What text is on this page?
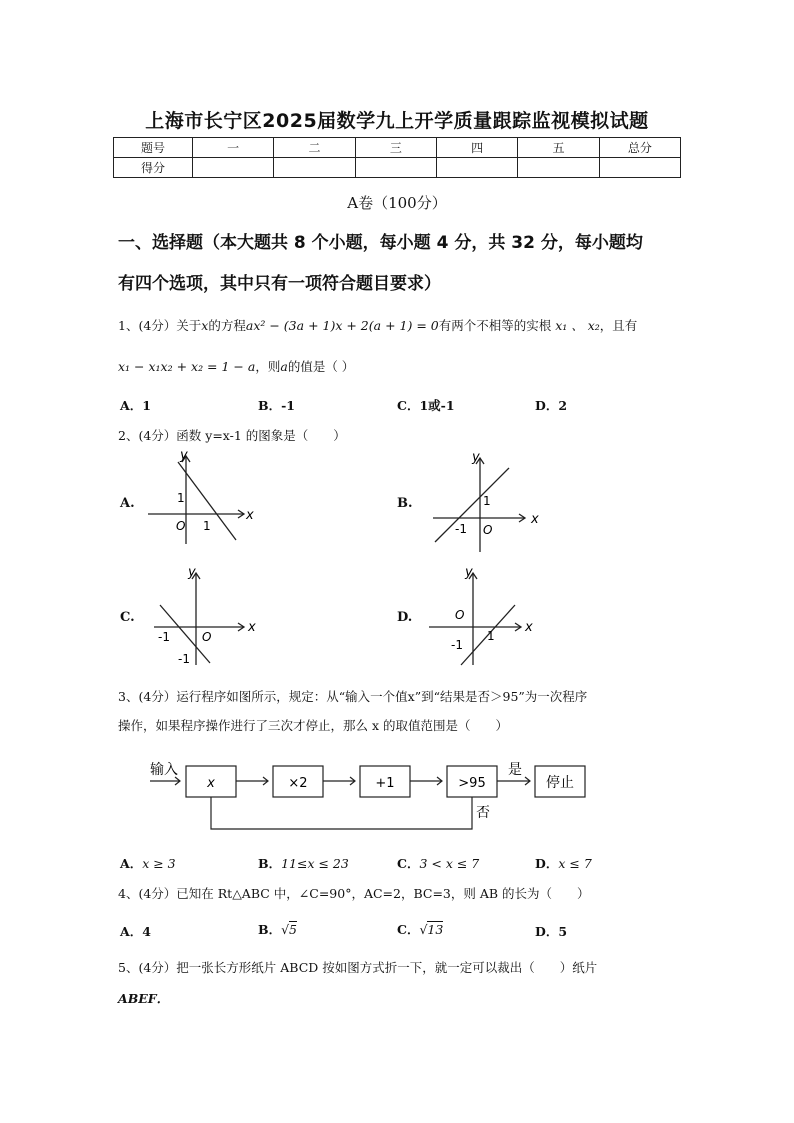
上海市长宁区2025届数学九上开学质量跟踪监视模拟试题
题号	一	二	三	四	五	总分
得分						
A卷（100分）
一、选择题（本大题共 8 个小题，每小题 4 分，共 32 分，每小题均
有四个选项，其中只有一项符合题目要求）
1、(4分）关于x的方程ax² − (3a + 1)x + 2(a + 1) = 0有两个不相等的实根 x₁ 、 x₂，且有
x₁ − x₁x₂ + x₂ = 1 − a，则a的值是（ ）
A．1	B．-1	C．1或-1	D．2
2、(4分）函数 y=x-1 的图象是（　　）
A.	B.
C.	D.
x
y
O
1
1	x
y
O
1
-1
x
y
O
-1
-1
x
y
O
1
-1
3、(4分）运行程序如图所示，规定：从“输入一个值x”到“结果是否＞95”为一次程序
操作，如果程序操作进行了三次才停止，那么 x 的取值范围是（　　）
输入
x	×2	+1	>95
是
停止
否
A．x ≥ 3	B．11≤x ≤ 23	C．3 < x ≤ 7	D．x ≤ 7
4、(4分）已知在 Rt△ABC 中，∠C=90°，AC=2，BC=3，则 AB 的长为（　　）
A．4	B．√5	C．√13	D．5
5、(4分）把一张长方形纸片 ABCD 按如图方式折一下，就一定可以裁出（　　）纸片
ABEF．
